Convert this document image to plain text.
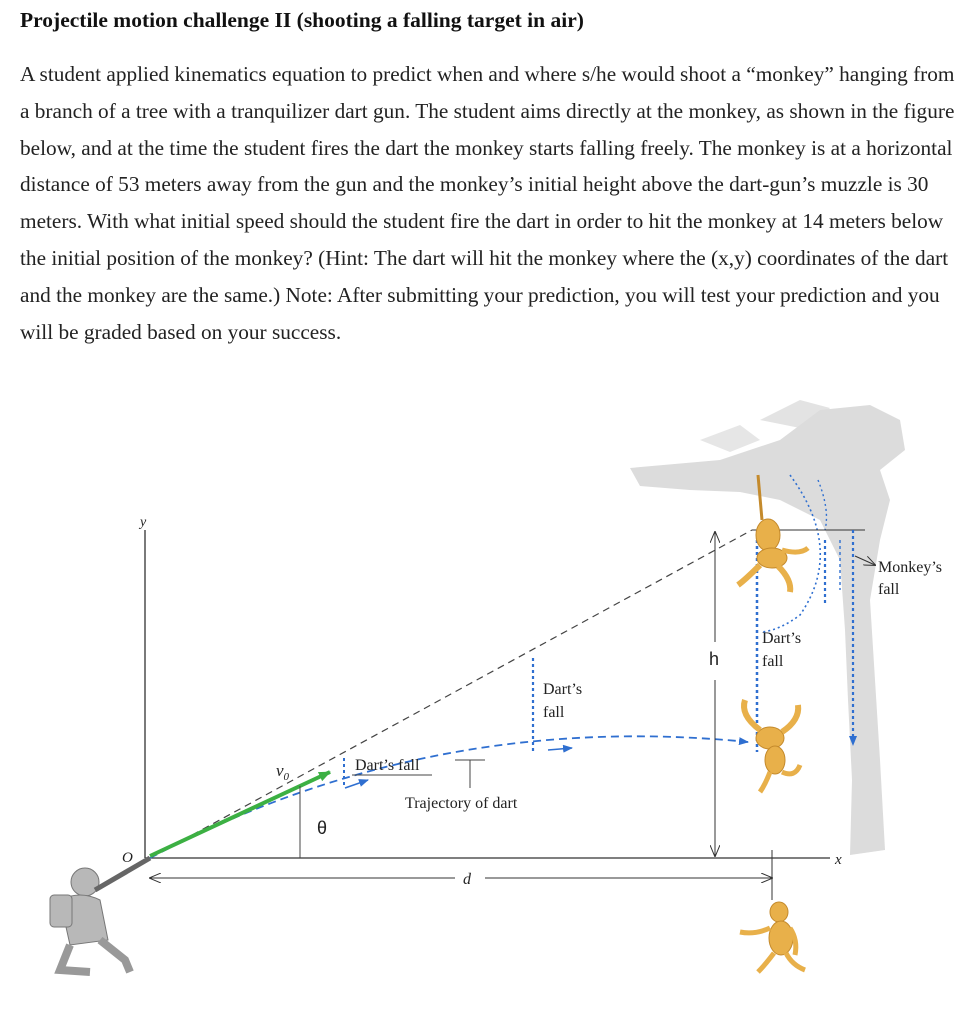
Projectile motion challenge II (shooting a falling target in air)

A student applied kinematics equation to predict when and where s/he would shoot a “monkey” hanging from a branch of a tree with a tranquilizer dart gun. The student aims directly at the monkey, as shown in the figure below, and at the time the student fires the dart the monkey starts falling freely. The monkey is at a horizontal distance of 53 meters away from the gun and the monkey’s initial height above the dart-gun’s muzzle is 30 meters. With what initial speed should the student fire the dart in order to hit the monkey at 14 meters below the initial position of the monkey? (Hint: The dart will hit the monkey where the (x,y) coordinates of the dart and the monkey are the same.) Note: After submitting your prediction, you will test your prediction and you will be graded based on your success.

y
x
O
$v_0$
θ
Dart’s fall
Dart’s fall
Trajectory of dart
d
h
Dart’s fall
Monkey’s fall
